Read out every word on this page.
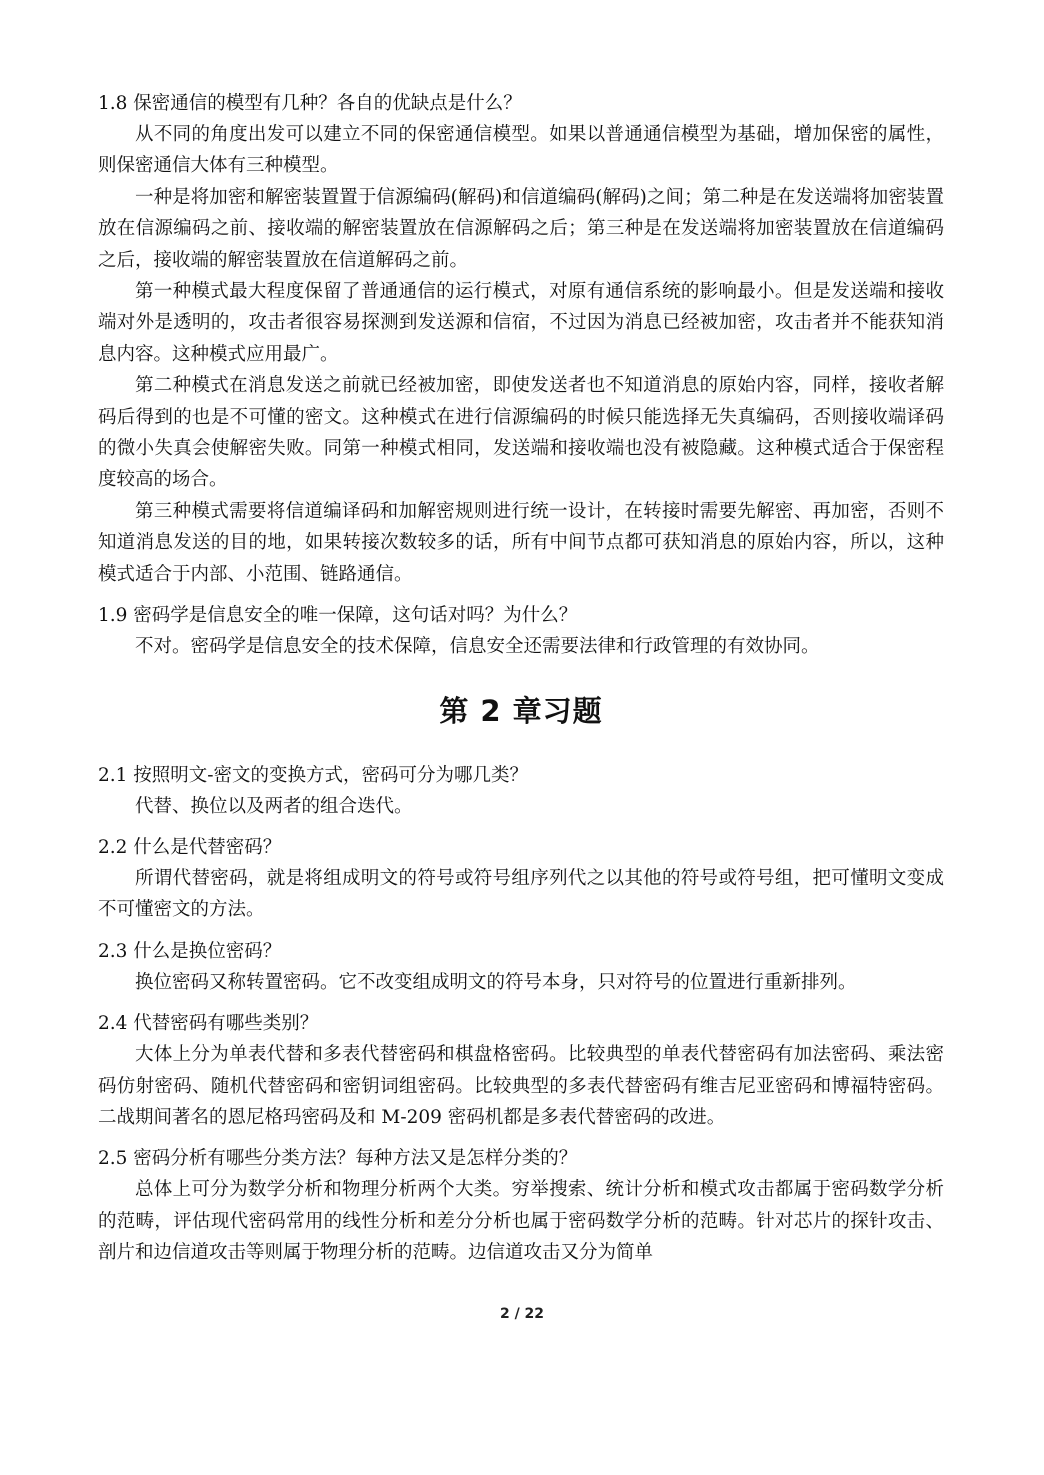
1.8 保密通信的模型有几种？各自的优缺点是什么？

从不同的角度出发可以建立不同的保密通信模型。如果以普通通信模型为基础，增加保密的属性，则保密通信大体有三种模型。

一种是将加密和解密装置置于信源编码(解码)和信道编码(解码)之间；第二种是在发送端将加密装置放在信源编码之前、接收端的解密装置放在信源解码之后；第三种是在发送端将加密装置放在信道编码之后，接收端的解密装置放在信道解码之前。

第一种模式最大程度保留了普通通信的运行模式，对原有通信系统的影响最小。但是发送端和接收端对外是透明的，攻击者很容易探测到发送源和信宿，不过因为消息已经被加密，攻击者并不能获知消息内容。这种模式应用最广。

第二种模式在消息发送之前就已经被加密，即使发送者也不知道消息的原始内容，同样，接收者解码后得到的也是不可懂的密文。这种模式在进行信源编码的时候只能选择无失真编码，否则接收端译码的微小失真会使解密失败。同第一种模式相同，发送端和接收端也没有被隐藏。这种模式适合于保密程度较高的场合。

第三种模式需要将信道编译码和加解密规则进行统一设计，在转接时需要先解密、再加密，否则不知道消息发送的目的地，如果转接次数较多的话，所有中间节点都可获知消息的原始内容，所以，这种模式适合于内部、小范围、链路通信。

1.9 密码学是信息安全的唯一保障，这句话对吗？为什么？

不对。密码学是信息安全的技术保障，信息安全还需要法律和行政管理的有效协同。

第 2 章习题

2.1 按照明文-密文的变换方式，密码可分为哪几类？

代替、换位以及两者的组合迭代。

2.2 什么是代替密码？

所谓代替密码，就是将组成明文的符号或符号组序列代之以其他的符号或符号组，把可懂明文变成不可懂密文的方法。

2.3 什么是换位密码？

换位密码又称转置密码。它不改变组成明文的符号本身，只对符号的位置进行重新排列。

2.4 代替密码有哪些类别？

大体上分为单表代替和多表代替密码和棋盘格密码。比较典型的单表代替密码有加法密码、乘法密码仿射密码、随机代替密码和密钥词组密码。比较典型的多表代替密码有维吉尼亚密码和博福特密码。二战期间著名的恩尼格玛密码及和 M-209 密码机都是多表代替密码的改进。

2.5 密码分析有哪些分类方法？每种方法又是怎样分类的？

总体上可分为数学分析和物理分析两个大类。穷举搜索、统计分析和模式攻击都属于密码数学分析的范畴，评估现代密码常用的线性分析和差分分析也属于密码数学分析的范畴。针对芯片的探针攻击、剖片和边信道攻击等则属于物理分析的范畴。边信道攻击又分为简单

2 / 22
